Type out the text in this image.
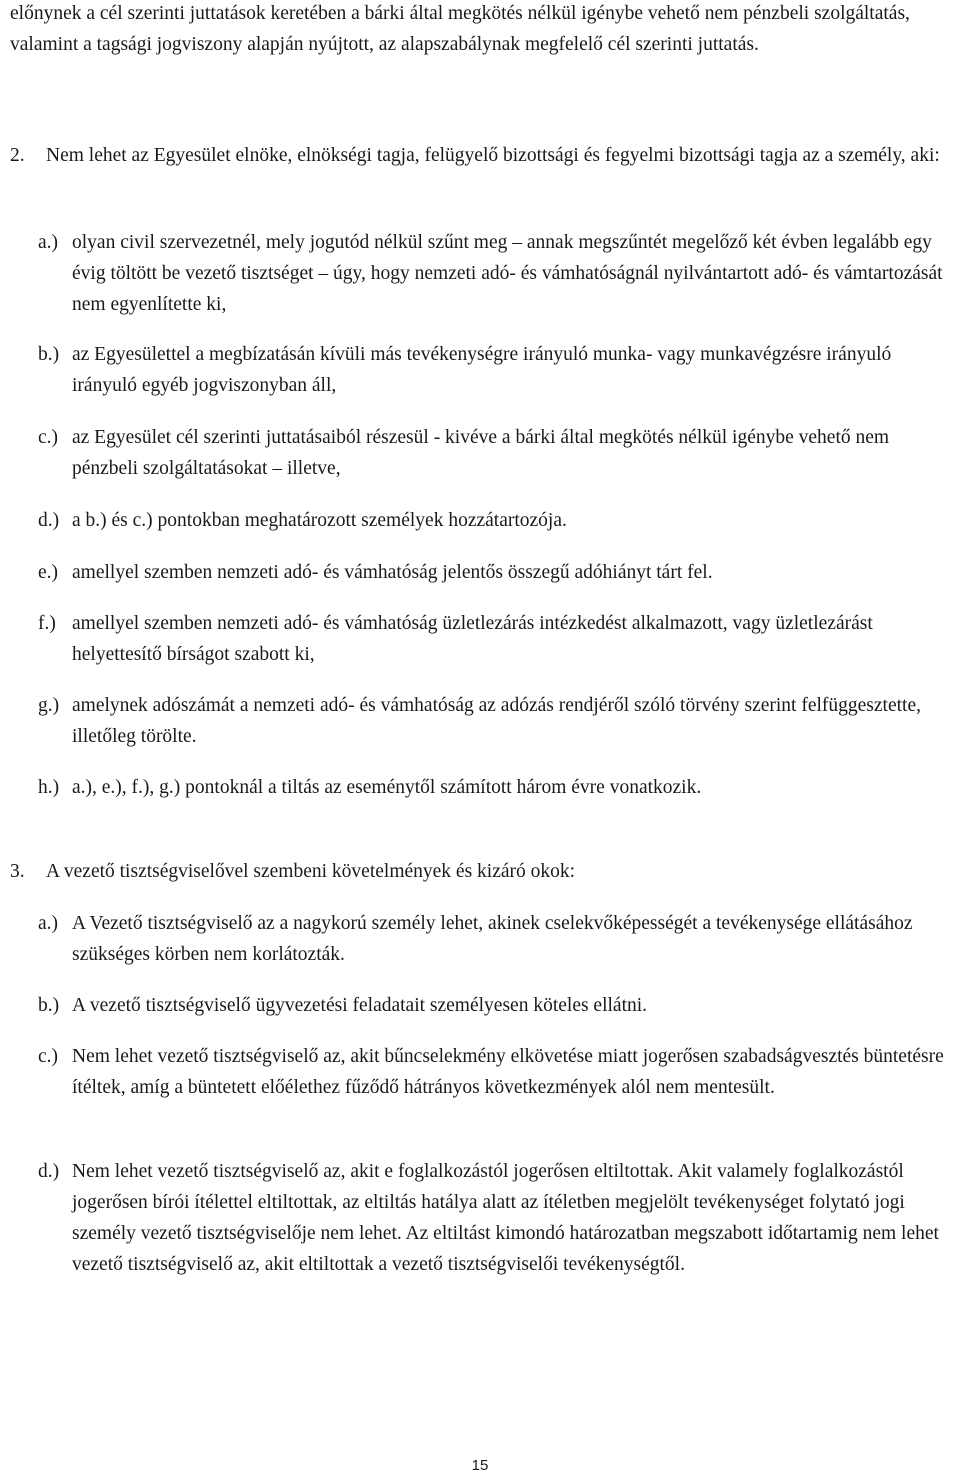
előnynek a cél szerinti juttatások keretében a bárki által megkötés nélkül igénybe vehető nem pénzbeli szolgáltatás, valamint a tagsági jogviszony alapján nyújtott, az alapszabálynak megfelelő cél szerinti juttatás.

2. Nem lehet az Egyesület elnöke, elnökségi tagja, felügyelő bizottsági és fegyelmi bizottsági tagja az a személy, aki:
a.) olyan civil szervezetnél, mely jogutód nélkül szűnt meg – annak megszűntét megelőző két évben legalább egy évig töltött be vezető tisztséget – úgy, hogy nemzeti adó- és vámhatóságnál nyilvántartott adó- és vámtartozását nem egyenlítette ki,
b.) az Egyesülettel a megbízatásán kívüli más tevékenységre irányuló munka- vagy munkavégzésre irányuló irányuló egyéb jogviszonyban áll,
c.) az Egyesület cél szerinti juttatásaiból részesül - kivéve a bárki által megkötés nélkül igénybe vehető nem pénzbeli szolgáltatásokat – illetve,
d.) a b.) és c.) pontokban meghatározott személyek hozzátartozója.
e.) amellyel szemben nemzeti adó- és vámhatóság jelentős összegű adóhiányt tárt fel.
f.) amellyel szemben nemzeti adó- és vámhatóság üzletlezárás intézkedést alkalmazott, vagy üzletlezárást helyettesítő bírságot szabott ki,
g.) amelynek adószámát a nemzeti adó- és vámhatóság az adózás rendjéről szóló törvény szerint felfüggesztette, illetőleg törölte.
h.) a.), e.), f.), g.) pontoknál a tiltás az eseménytől számított három évre vonatkozik.
3. A vezető tisztségviselővel szembeni követelmények és kizáró okok:
a.) A Vezető tisztségviselő az a nagykorú személy lehet, akinek cselekvőképességét a tevékenysége ellátásához szükséges körben nem korlátozták.
b.) A vezető tisztségviselő ügyvezetési feladatait személyesen köteles ellátni.
c.) Nem lehet vezető tisztségviselő az, akit bűncselekmény elkövetése miatt jogerősen szabadságvesztés büntetésre ítéltek, amíg a büntetett előélethez fűződő hátrányos következmények alól nem mentesült.
d.) Nem lehet vezető tisztségviselő az, akit e foglalkozástól jogerősen eltiltottak. Akit valamely foglalkozástól jogerősen bírói ítélettel eltiltottak, az eltiltás hatálya alatt az ítéletben megjelölt tevékenységet folytató jogi személy vezető tisztségviselője nem lehet. Az eltiltást kimondó határozatban megszabott időtartamig nem lehet vezető tisztségviselő az, akit eltiltottak a vezető tisztségviselői tevékenységtől.
15
